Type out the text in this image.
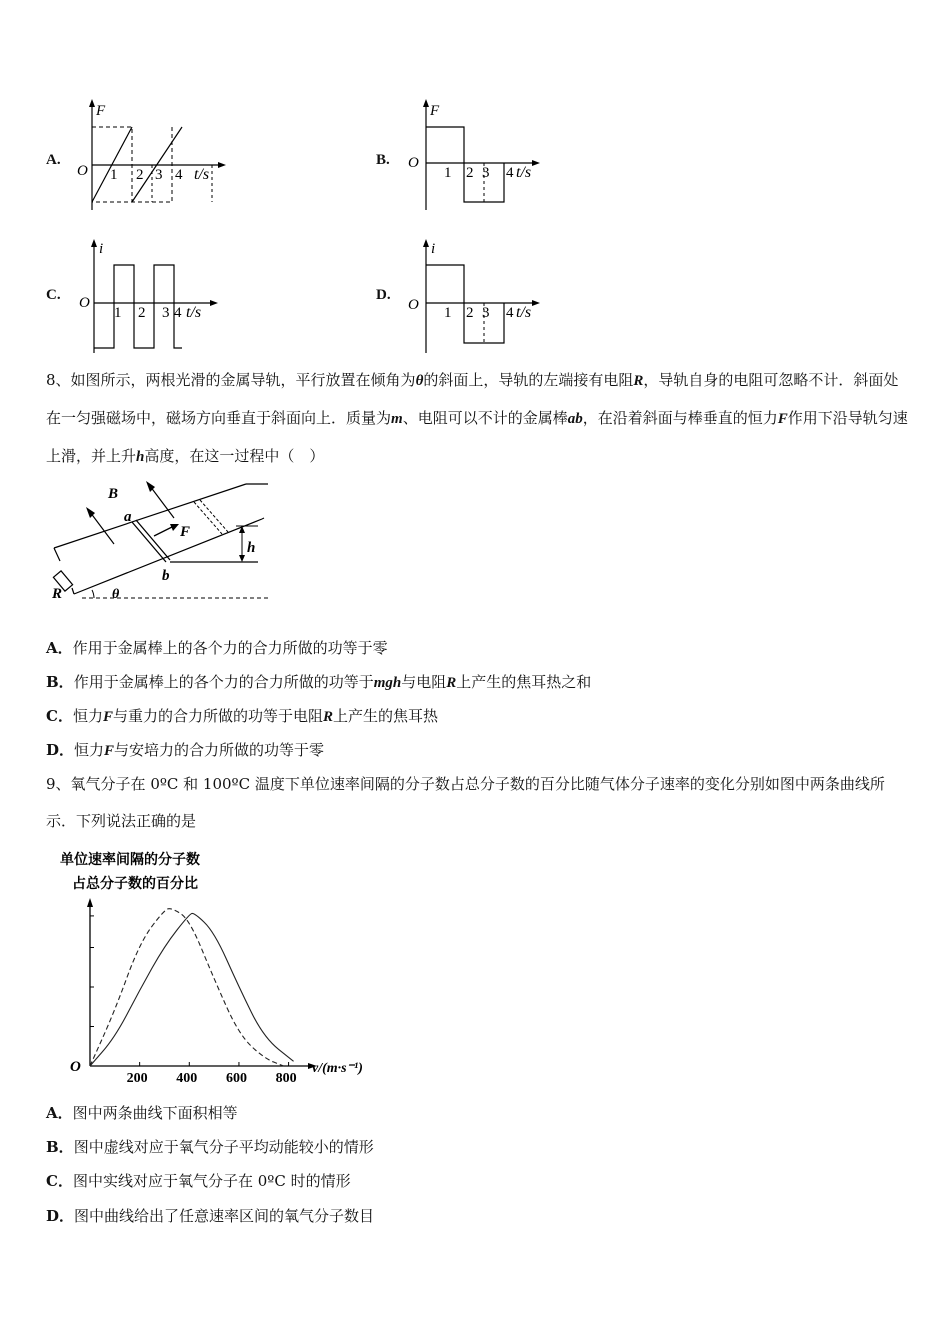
A.
F
O 1 2 3 4 t/s
B.
F
O
1 2 3 4 t/s
C.
i
O
1 2 3 4 t/s
D.
i
O 1 2 3 4 t/s
8、如图所示，两根光滑的金属导轨，平行放置在倾角为θ的斜面上，导轨的左端接有电阻R，导轨自身的电阻可忽略不计．斜面处在一匀强磁场中，磁场方向垂直于斜面向上．质量为m、电阻可以不计的金属棒ab，在沿着斜面与棒垂直的恒力F作用下沿导轨匀速上滑，并上升h高度，在这一过程中（　）
B
a
b
F
h
R	θ
A．作用于金属棒上的各个力的合力所做的功等于零
B．作用于金属棒上的各个力的合力所做的功等于mgh与电阻R上产生的焦耳热之和
C．恒力F与重力的合力所做的功等于电阻R上产生的焦耳热
D．恒力F与安培力的合力所做的功等于零
9、氧气分子在 0ºC 和 100ºC 温度下单位速率间隔的分子数占总分子数的百分比随气体分子速率的变化分别如图中两条曲线所示．下列说法正确的是
单位速率间隔的分子数
占总分子数的百分比
O	v/(m·s⁻¹)
200 400 600 800
A．图中两条曲线下面积相等
B．图中虚线对应于氧气分子平均动能较小的情形
C．图中实线对应于氧气分子在 0ºC 时的情形
D．图中曲线给出了任意速率区间的氧气分子数目
